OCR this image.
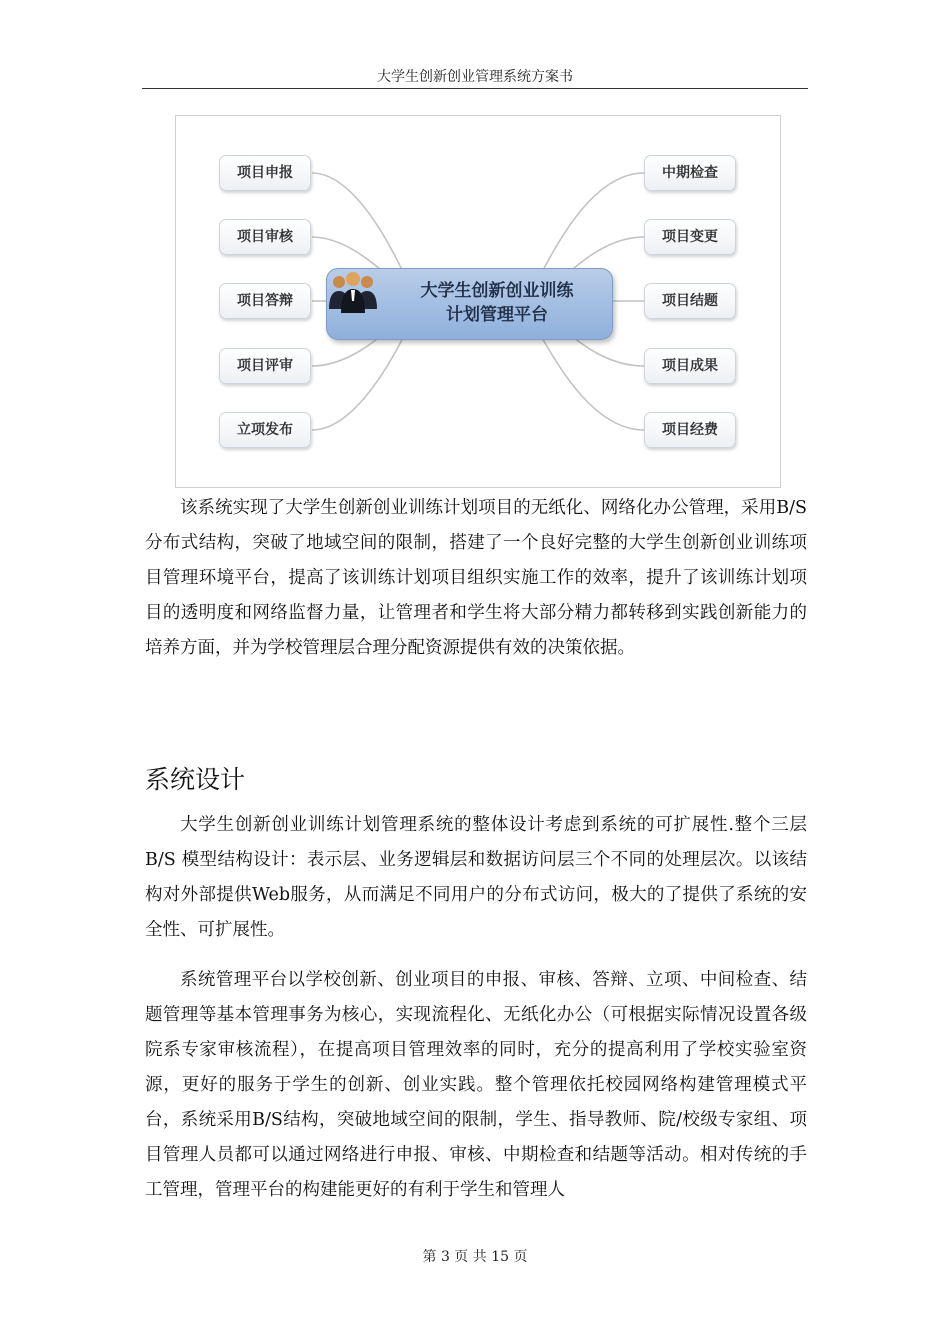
大学生创新创业管理系统方案书
项目申报
项目审核
项目答辩
项目评审
立项发布
中期检查
项目变更
项目结题
项目成果
项目经费
大学生创新创业训练
计划管理平台

该系统实现了大学生创新创业训练计划项目的无纸化、网络化办公管理，采用B/S分布式结构，突破了地域空间的限制，搭建了一个良好完整的大学生创新创业训练项目管理环境平台，提高了该训练计划项目组织实施工作的效率，提升了该训练计划项目的透明度和网络监督力量，让管理者和学生将大部分精力都转移到实践创新能力的培养方面，并为学校管理层合理分配资源提供有效的决策依据。

系统设计

大学生创新创业训练计划管理系统的整体设计考虑到系统的可扩展性.整个三层 B/S 模型结构设计：表示层、业务逻辑层和数据访问层三个不同的处理层次。以该结构对外部提供Web服务，从而满足不同用户的分布式访问，极大的了提供了系统的安全性、可扩展性。

系统管理平台以学校创新、创业项目的申报、审核、答辩、立项、中间检查、结题管理等基本管理事务为核心，实现流程化、无纸化办公（可根据实际情况设置各级院系专家审核流程），在提高项目管理效率的同时，充分的提高利用了学校实验室资源，更好的服务于学生的创新、创业实践。整个管理依托校园网络构建管理模式平台，系统采用B/S结构，突破地域空间的限制，学生、指导教师、院/校级专家组、项目管理人员都可以通过网络进行申报、审核、中期检查和结题等活动。相对传统的手工管理，管理平台的构建能更好的有利于学生和管理人

第 3 页 共 15 页
